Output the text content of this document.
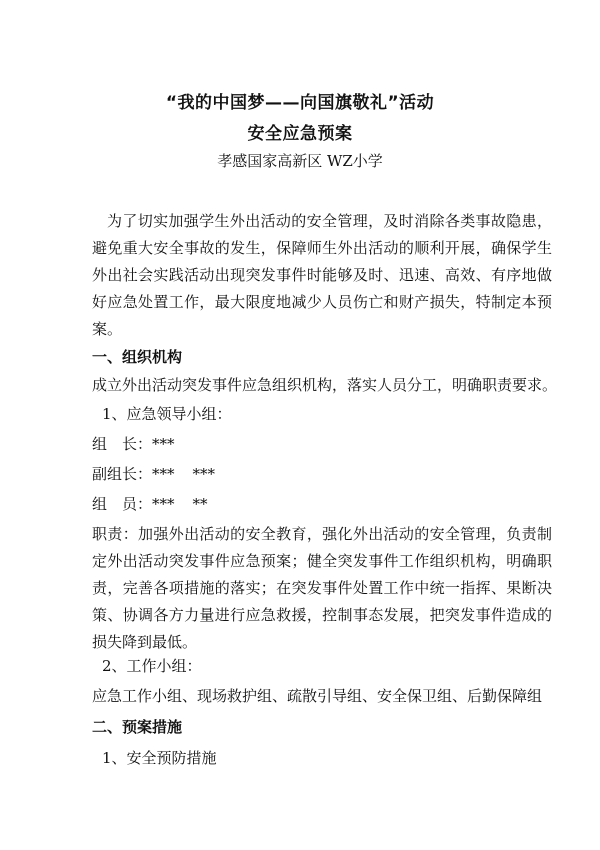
“我的中国梦——向国旗敬礼”活动
安全应急预案
孝感国家高新区 WZ小学
为了切实加强学生外出活动的安全管理，及时消除各类事故隐患，避免重大安全事故的发生，保障师生外出活动的顺利开展，确保学生外出社会实践活动出现突发事件时能够及时、迅速、高效、有序地做好应急处置工作，最大限度地减少人员伤亡和财产损失，特制定本预案。
一、组织机构
成立外出活动突发事件应急组织机构，落实人员分工，明确职责要求。
1、应急领导小组：
组　长：***
副组长：*** ***
组　员：*** **
职责：加强外出活动的安全教育，强化外出活动的安全管理，负责制定外出活动突发事件应急预案；健全突发事件工作组织机构，明确职责，完善各项措施的落实；在突发事件处置工作中统一指挥、果断决策、协调各方力量进行应急救援，控制事态发展，把突发事件造成的损失降到最低。
2、工作小组：
应急工作小组、现场救护组、疏散引导组、安全保卫组、后勤保障组
二、预案措施
1、安全预防措施
